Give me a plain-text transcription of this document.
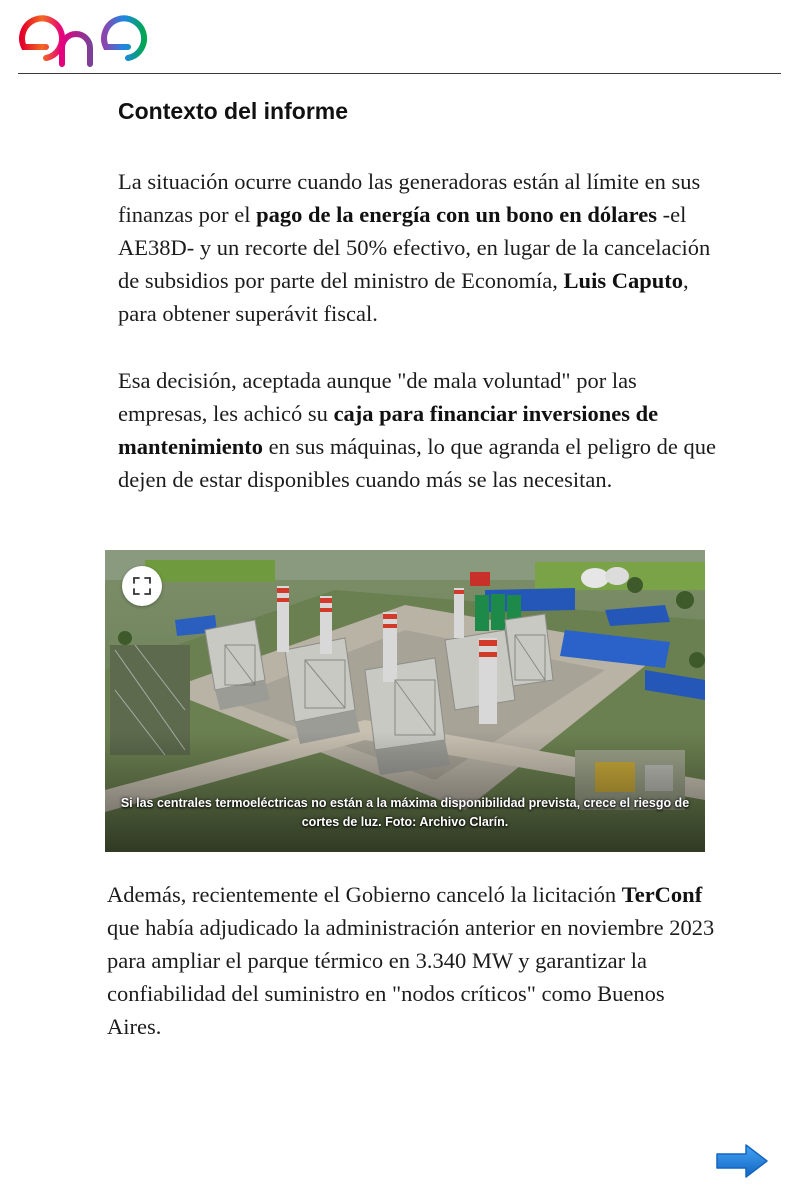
Contexto del informe

La situación ocurre cuando las generadoras están al límite en sus finanzas por el pago de la energía con un bono en dólares -el AE38D- y un recorte del 50% efectivo, en lugar de la cancelación de subsidios por parte del ministro de Economía, Luis Caputo, para obtener superávit fiscal.

Esa decisión, aceptada aunque "de mala voluntad" por las empresas, les achicó su caja para financiar inversiones de mantenimiento en sus máquinas, lo que agranda el peligro de que dejen de estar disponibles cuando más se las necesitan.

Si las centrales termoeléctricas no están a la máxima disponibilidad prevista, crece el riesgo de cortes de luz. Foto: Archivo Clarín.

Además, recientemente el Gobierno canceló la licitación TerConf que había adjudicado la administración anterior en noviembre 2023 para ampliar el parque térmico en 3.340 MW y garantizar la confiabilidad del suministro en "nodos críticos" como Buenos Aires.
